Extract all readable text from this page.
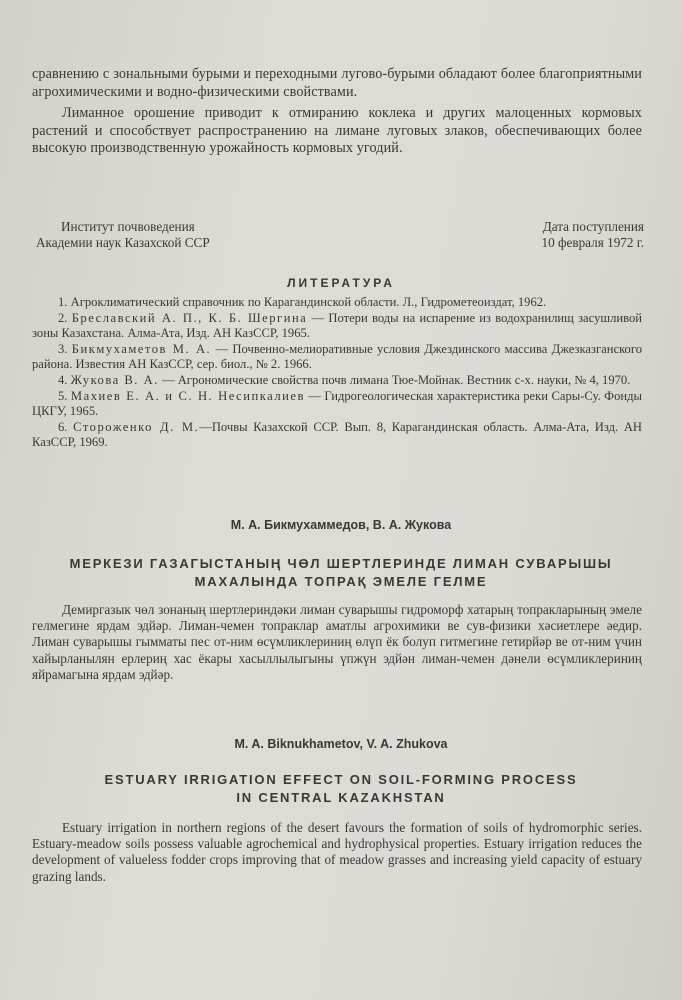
сравнению с зональными бурыми и переходными лугово-бурыми обладают более благоприятными агрохимическими и водно-физическими свойствами.

Лиманное орошение приводит к отмиранию коклека и других малоценных кормовых растений и способствует распространению на лимане луговых злаков, обеспечивающих более высокую производственную урожайность кормовых угодий.

Институт почвоведения
Академии наук Казахской ССР
Дата поступления
10 февраля 1972 г.
ЛИТЕРАТУРА

1. Агроклиматический справочник по Карагандинской области. Л., Гидрометеоиздат, 1962.

2. Бреславский А. П., К. Б. Шергина — Потери воды на испарение из водохранилищ засушливой зоны Казахстана. Алма-Ата, Изд. АН КазССР, 1965.

3. Бикмухаметов М. А. — Почвенно-мелиоративные условия Джездинского массива Джезказганского района. Известия АН КазССР, сер. биол., № 2. 1966.

4. Жукова В. А. — Агрономические свойства почв лимана Тюе-Мойнак. Вестник с-х. науки, № 4, 1970.

5. Махиев Е. А. и С. Н. Несипкалиев — Гидрогеологическая характеристика реки Сары-Су. Фонды ЦКГУ, 1965.

6. Стороженко Д. М.—Почвы Казахской ССР. Вып. 8, Карагандинская область. Алма-Ата, Изд. АН КазССР, 1969.

М. А. Бикмухаммедов, В. А. Жукова
МЕРКЕЗИ ГАЗАГЫСТАНЫҢ ЧӨЛ ШЕРТЛЕРИНДЕ ЛИМАН СУВАРЫШЫ
МАХАЛЫНДА ТОПРАҚ ЭМЕЛЕ ГЕЛМЕ
Демиргазык чөл зонаның шертлериндәки лиман суварышы гидроморф хатарың топракларының эмеле гелмегине ярдам эдйәр. Лиман-чемен топраклар аматлы агрохимики ве сув-физики хәсиетлере әедир. Лиман суварышы гымматы пес от-ним өсүмликлериниң өлүп ёк болуп гитмегине гетирйәр ве от-ним үчин хайырланылян ерлериң хас ёкары хасыллылыгыны үпжүн эдйән лиман-чемен дәнели өсүмликлериниң яйрамагына ярдам эдйәр.
M. A. Biknukhametov, V. A. Zhukova
ESTUARY IRRIGATION EFFECT ON SOIL-FORMING PROCESS
IN CENTRAL KAZAKHSTAN
Estuary irrigation in northern regions of the desert favours the formation of soils of hydromorphic series. Estuary-meadow soils possess valuable agrochemical and hydrophysical properties. Estuary irrigation reduces the development of valueless fodder crops improving that of meadow grasses and increasing yield capacity of estuary grazing lands.
